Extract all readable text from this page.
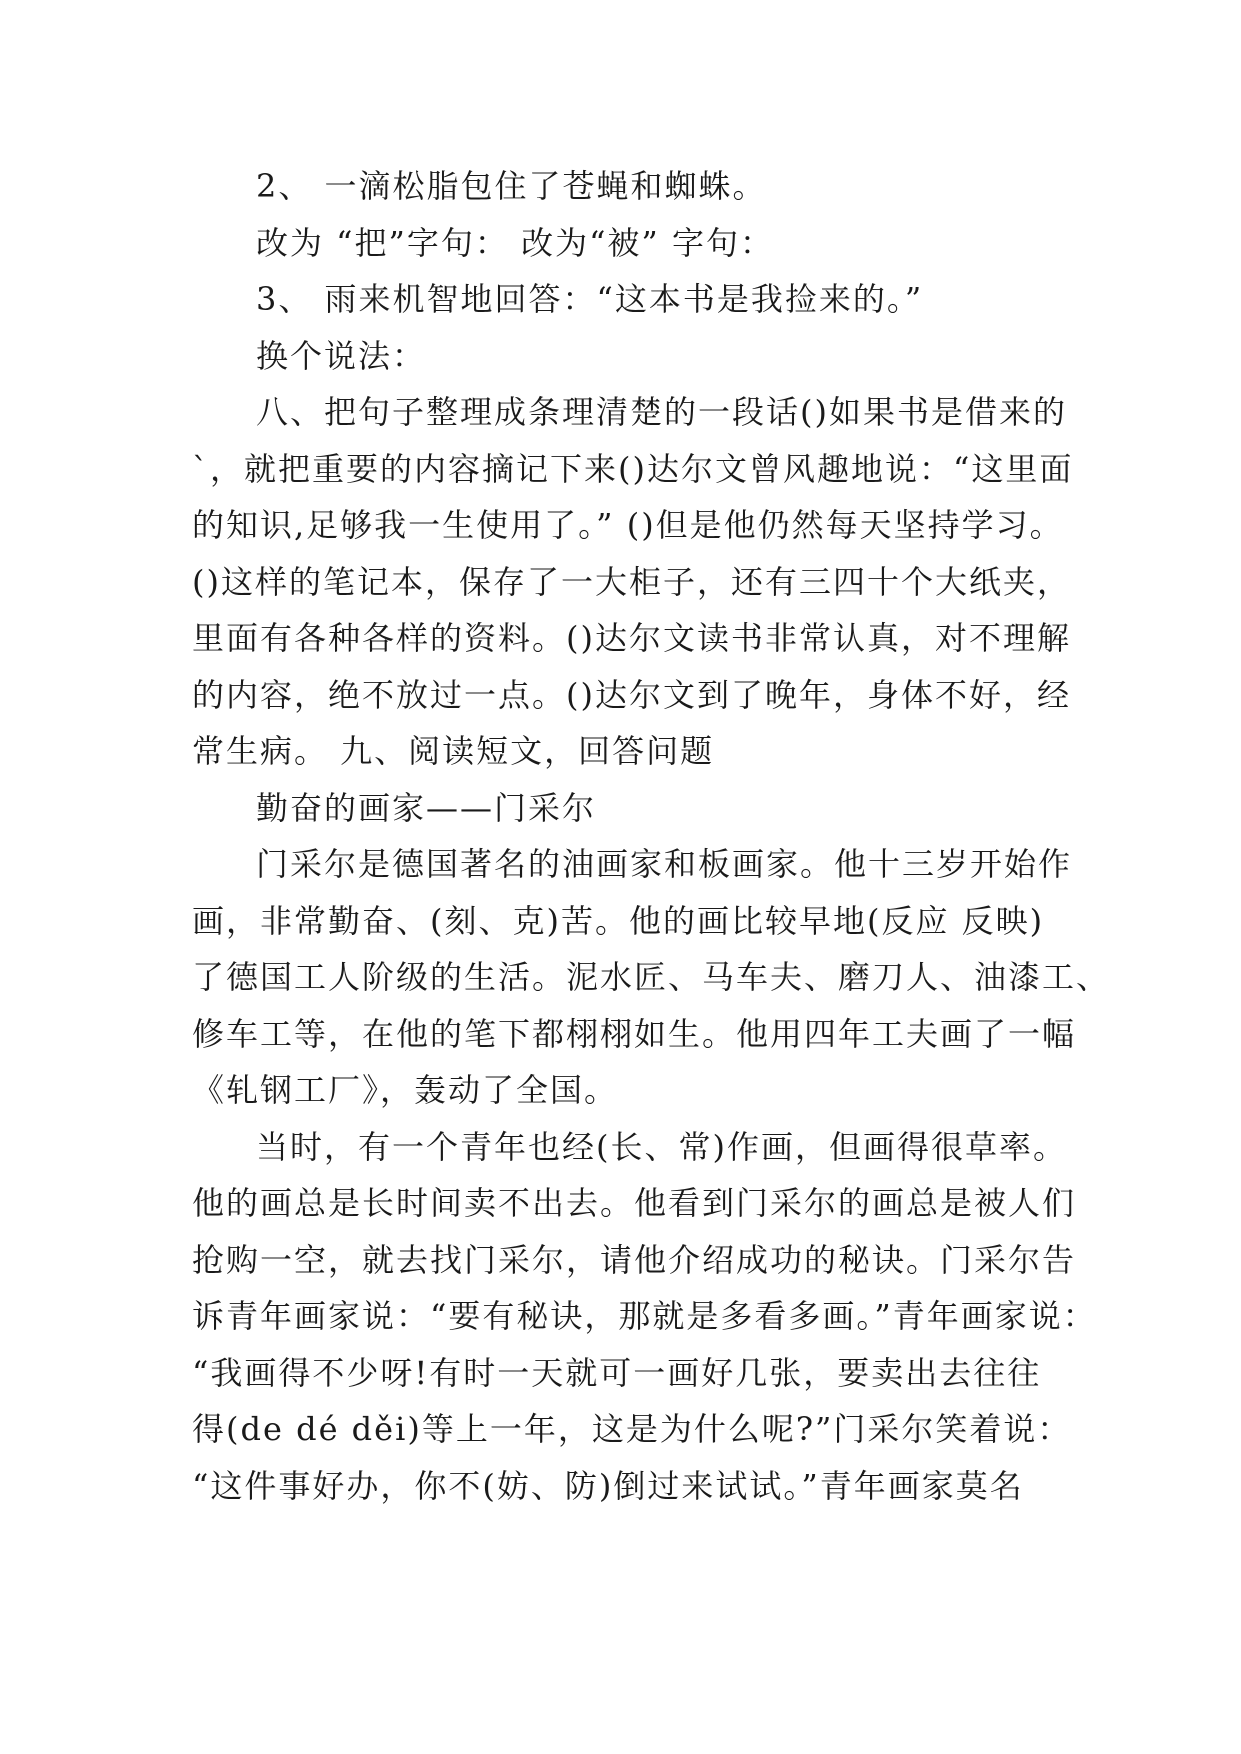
2、 一滴松脂包住了苍蝇和蜘蛛。
改为 “把”字句： 改为“被” 字句：
3、 雨来机智地回答：“这本书是我捡来的。”
换个说法：
八、把句子整理成条理清楚的一段话()如果书是借来的
`，就把重要的内容摘记下来()达尔文曾风趣地说：“这里面
的知识,足够我一生使用了。” ()但是他仍然每天坚持学习。
()这样的笔记本，保存了一大柜子，还有三四十个大纸夹，
里面有各种各样的资料。()达尔文读书非常认真，对不理解
的内容，绝不放过一点。()达尔文到了晚年，身体不好，经
常生病。 九、阅读短文，回答问题
勤奋的画家——门采尔
门采尔是德国著名的油画家和板画家。他十三岁开始作
画，非常勤奋、(刻、克)苦。他的画比较早地(反应 反映)
了德国工人阶级的生活。泥水匠、马车夫、磨刀人、油漆工、
修车工等，在他的笔下都栩栩如生。他用四年工夫画了一幅
《轧钢工厂》，轰动了全国。
当时，有一个青年也经(长、常)作画，但画得很草率。
他的画总是长时间卖不出去。他看到门采尔的画总是被人们
抢购一空，就去找门采尔，请他介绍成功的秘诀。门采尔告
诉青年画家说：“要有秘诀，那就是多看多画。”青年画家说：
“我画得不少呀!有时一天就可一画好几张，要卖出去往往
得(de dé děi)等上一年，这是为什么呢?”门采尔笑着说：
“这件事好办，你不(妨、防)倒过来试试。”青年画家莫名
